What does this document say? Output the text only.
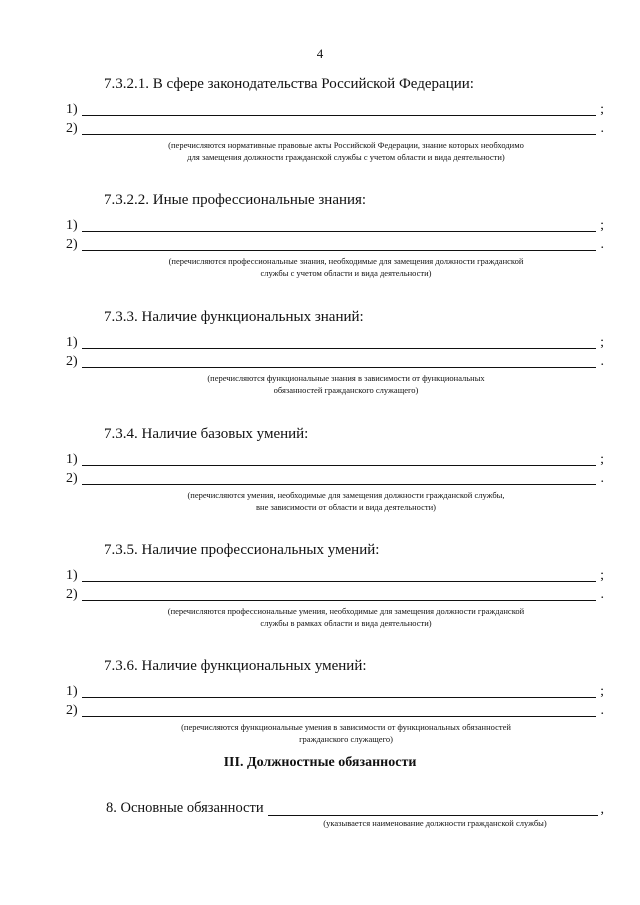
4
7.3.2.1. В сфере законодательства Российской Федерации:
1)	;
2)	.
(перечисляются нормативные правовые акты Российской Федерации, знание которых необходимо
для замещения должности гражданской службы с учетом области и вида деятельности)
7.3.2.2. Иные профессиональные знания:
1)	;
2)	.
(перечисляются профессиональные знания, необходимые для замещения должности гражданской
службы с учетом области и вида деятельности)
7.3.3. Наличие функциональных знаний:
1)	;
2)	.
(перечисляются функциональные знания в зависимости от функциональных
обязанностей гражданского служащего)
7.3.4. Наличие базовых умений:
1)	;
2)	.
(перечисляются умения, необходимые для замещения должности гражданской службы,
вне зависимости от области и вида деятельности)
7.3.5. Наличие профессиональных умений:
1)	;
2)	.
(перечисляются профессиональные умения, необходимые для замещения должности гражданской
службы в рамках области и вида деятельности)
7.3.6. Наличие функциональных умений:
1)	;
2)	.
(перечисляются функциональные умения в зависимости от функциональных обязанностей
гражданского служащего)
III. Должностные обязанности
8. Основные обязанности	,
(указывается наименование должности гражданской службы)
